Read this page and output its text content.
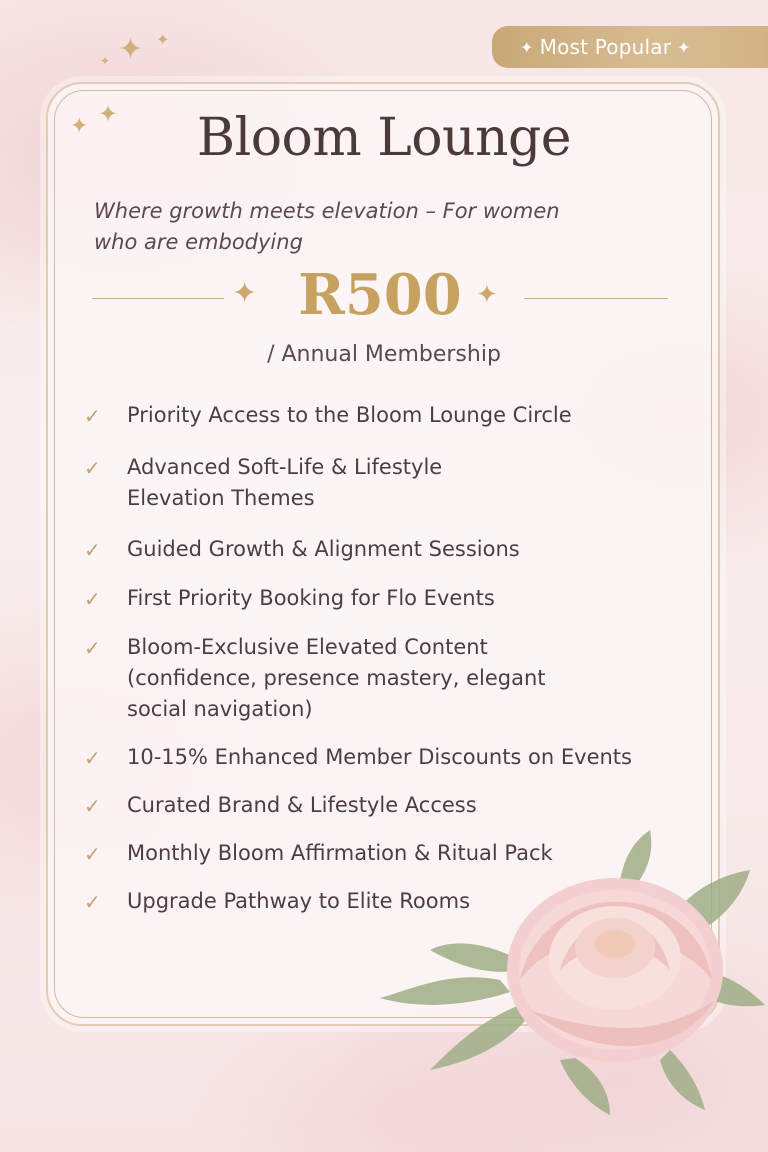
✦ ✦
✦
✦ Most Popular ✦
✦ ✦	Bloom Lounge
Where growth meets elevation – For women
who are embodying
✦	✦
R500
/ Annual Membership
✓	Priority Access to the Bloom Lounge Circle
✓	Advanced Soft-Life & Lifestyle
Elevation Themes
✓	Guided Growth & Alignment Sessions
✓	First Priority Booking for Flo Events
✓	Bloom-Exclusive Elevated Content
(confidence, presence mastery, elegant
social navigation)
✓	10-15% Enhanced Member Discounts on Events
✓	Curated Brand & Lifestyle Access
✓	Monthly Bloom Affirmation & Ritual Pack
✓	Upgrade Pathway to Elite Rooms
